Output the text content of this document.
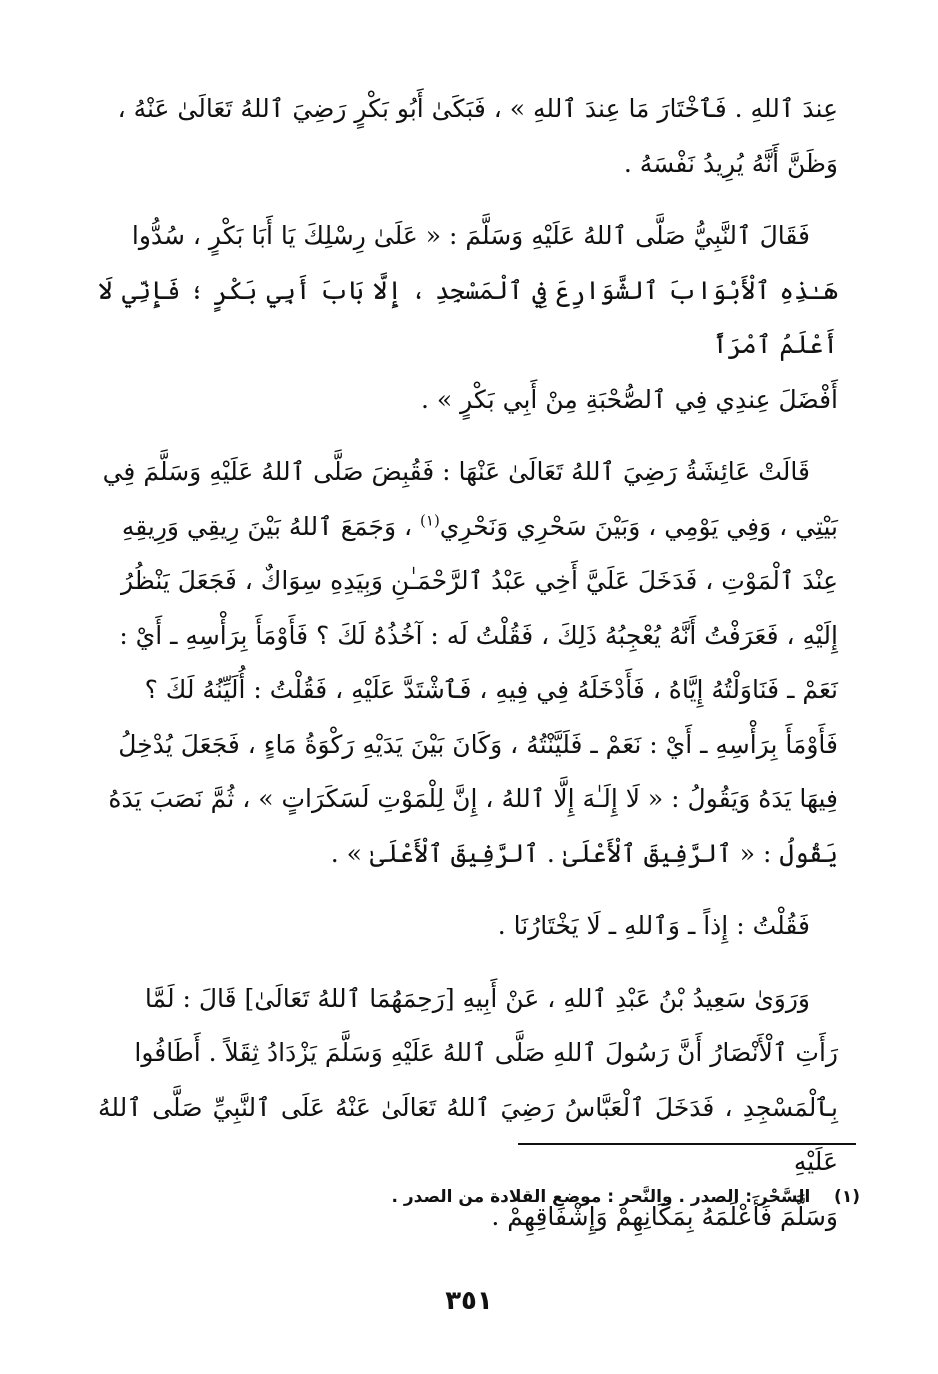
عِندَ ٱللهِ . فَٱخْتَارَ مَا عِندَ ٱللهِ » ، فَبَكَىٰ أَبُو بَكْرٍ رَضِيَ ٱللهُ تَعَالَىٰ عَنْهُ ،
وَظَنَّ أَنَّهُ يُرِيدُ نَفْسَهُ .
فَقَالَ ٱلنَّبِيُّ صَلَّى ٱللهُ عَلَيْهِ وَسَلَّمَ : « عَلَىٰ رِسْلِكَ يَا أَبَا بَكْرٍ ، سُدُّوا
هَـٰذِهِ ٱلْأَبْوَابَ ٱلشَّوَارِعَ فِي ٱلْمَسْجِدِ ، إِلَّا بَابَ أَبِي بَكْرٍ ؛ فَإِنِّي لَا أَعْلَمُ ٱمْرَأً
أَفْضَلَ عِندِي فِي ٱلصُّحْبَةِ مِنْ أَبِي بَكْرٍ » .
قَالَتْ عَائِشَةُ رَضِيَ ٱللهُ تَعَالَىٰ عَنْهَا : فَقُبِضَ صَلَّى ٱللهُ عَلَيْهِ وَسَلَّمَ فِي
بَيْتِي ، وَفِي يَوْمِي ، وَبَيْنَ سَحْرِي وَنَحْرِي$^{(١)}$ ، وَجَمَعَ ٱللهُ بَيْنَ رِيقِي وَرِيقِهِ
عِنْدَ ٱلْمَوْتِ ، فَدَخَلَ عَلَيَّ أَخِي عَبْدُ ٱلرَّحْمَـٰنِ وَبِيَدِهِ سِوَاكٌ ، فَجَعَلَ يَنْظُرُ
إِلَيْهِ ، فَعَرَفْتُ أَنَّهُ يُعْجِبُهُ ذَلِكَ ، فَقُلْتُ لَه : آخُذُهُ لَكَ ؟ فَأَوْمَأَ بِرَأْسِهِ ـ أَيْ :
نَعَمْ ـ فَنَاوَلْتُهُ إِيَّاهُ ، فَأَدْخَلَهُ فِي فِيهِ ، فَٱشْتَدَّ عَلَيْهِ ، فَقُلْتُ : أُلَيِّنُهُ لَكَ ؟
فَأَوْمَأَ بِرَأْسِهِ ـ أَيْ : نَعَمْ ـ فَلَيَّنْتُهُ ، وَكَانَ بَيْنَ يَدَيْهِ رَكْوَةُ مَاءٍ ، فَجَعَلَ يُدْخِلُ
فِيهَا يَدَهُ وَيَقُولُ : « لَا إِلَـٰهَ إِلَّا ٱللهُ ، إِنَّ لِلْمَوْتِ لَسَكَرَاتٍ » ، ثُمَّ نَصَبَ يَدَهُ
يَقُولُ : « ٱلرَّفِيقَ ٱلْأَعْلَىٰ . ٱلرَّفِيقَ ٱلْأَعْلَىٰ » .
فَقُلْتُ : إِذاً ـ وَٱللهِ ـ لَا يَخْتَارُنَا .
وَرَوَىٰ سَعِيدُ بْنُ عَبْدِ ٱللهِ ، عَنْ أَبِيهِ [رَحِمَهُمَا ٱللهُ تَعَالَىٰ] قَالَ : لَمَّا
رَأَتِ ٱلْأَنْصَارُ أَنَّ رَسُولَ ٱللهِ صَلَّى ٱللهُ عَلَيْهِ وَسَلَّمَ يَزْدَادُ ثِقَلاً . أَطَافُوا
بِٱلْمَسْجِدِ ، فَدَخَلَ ٱلْعَبَّاسُ رَضِيَ ٱللهُ تَعَالَىٰ عَنْهُ عَلَى ٱلنَّبِيِّ صَلَّى ٱللهُ عَلَيْهِ
وَسَلَّمَ فَأَعْلَمَهُ بِمَكَانِهِمْ وَإِشْفَاقِهِمْ .
(١)    السَّحْر : الصدر . والنَّحر : موضع القلادة من الصدر .
٣٥١
